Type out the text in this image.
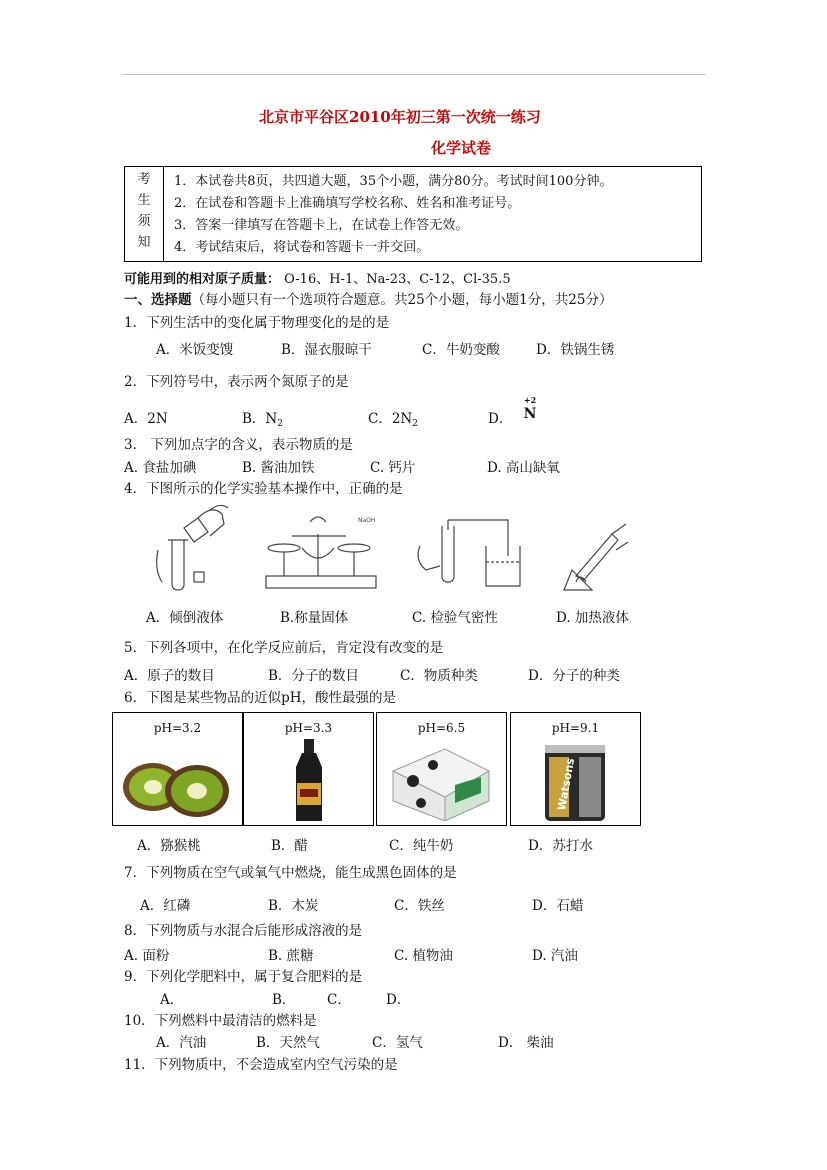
北京市平谷区2010年初三第一次统一练习
化学试卷
考
生
须
知

1．本试卷共8页，共四道大题，35个小题，满分80分。考试时间100分钟。
2．在试卷和答题卡上准确填写学校名称、姓名和准考证号。
3．答案一律填写在答题卡上，在试卷上作答无效。
4．考试结束后，将试卷和答题卡一并交回。
可能用到的相对原子质量： O-16、H-1、Na-23、C-12、Cl-35.5
一、选择题（每小题只有一个选项符合题意。共25个小题，每小题1分，共25分）
1．下列生活中的变化属于物理变化的是的是
A．米饭变馊	B．湿衣服晾干	C．牛奶变酸	D．铁锅生锈
2．下列符号中，表示两个氮原子的是
A．2N	B．$N_2$	C．$2N_2$	D．
+2
N
3． 下列加点字的含义，表示物质的是
A. 食盐加碘	B. 酱油加铁	C. 钙片	D. 高山缺氧
4．下图所示的化学实验基本操作中，正确的是
NaOH
A．倾倒液体	B.称量固体	C. 检验气密性	D. 加热液体
5．下列各项中，在化学反应前后，肯定没有改变的是
A．原子的数目	B．分子的数目	C．物质种类	D．分子的种类
6．下图是某些物品的近似pH，酸性最强的是
pH=3.2	pH=3.3	pH=6.5	pH=9.1
Watsons
A．猕猴桃	B．醋	C．纯牛奶	D．苏打水
7．下列物质在空气或氧气中燃烧，能生成黑色固体的是
A．红磷	B．木炭	C．铁丝	D．石蜡
8．下列物质与水混合后能形成溶液的是
A. 面粉	B. 蔗糖	C. 植物油	D. 汽油
9．下列化学肥料中，属于复合肥料的是
A．	B． C．	D．
10．下列燃料中最清洁的燃料是
A．汽油	B．天然气	C．氢气	D． 柴油
11．下列物质中，不会造成室内空气污染的是
